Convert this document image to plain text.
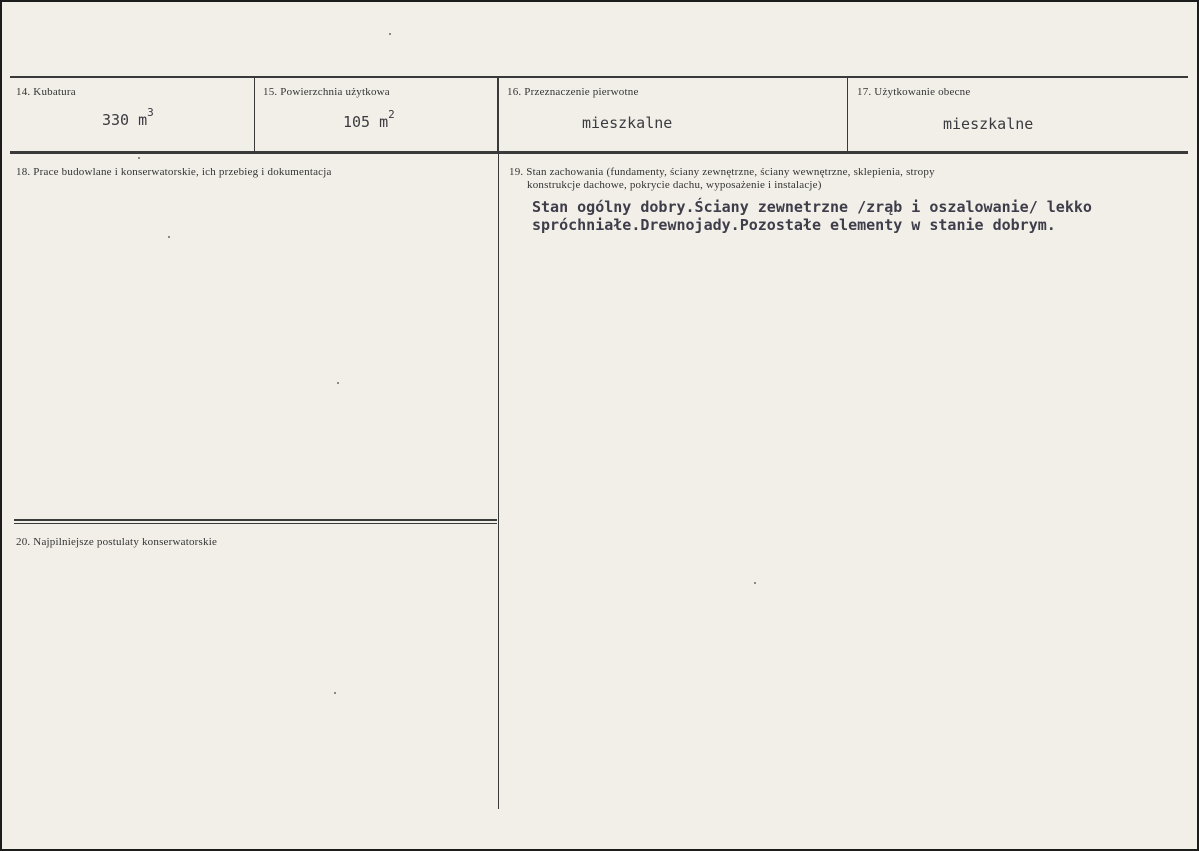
14. Kubatura
330 $m^3$
15. Powierzchnia użytkowa
105 $m^2$
16. Przeznaczenie pierwotne
mieszkalne
17. Użytkowanie obecne
mieszkalne
18. Prace budowlane i konserwatorskie, ich przebieg i dokumentacja	19. Stan zachowania (fundamenty, ściany zewnętrzne, ściany wewnętrzne, sklepienia, stropy
konstrukcje dachowe, pokrycie dachu, wyposażenie i instalacje)
Stan ogólny dobry.Ściany zewnetrzne /zrąb i oszalowanie/ lekko
spróchniałe.Drewnojady.Pozostałe elementy w stanie dobrym.
20. Najpilniejsze postulaty konserwatorskie
